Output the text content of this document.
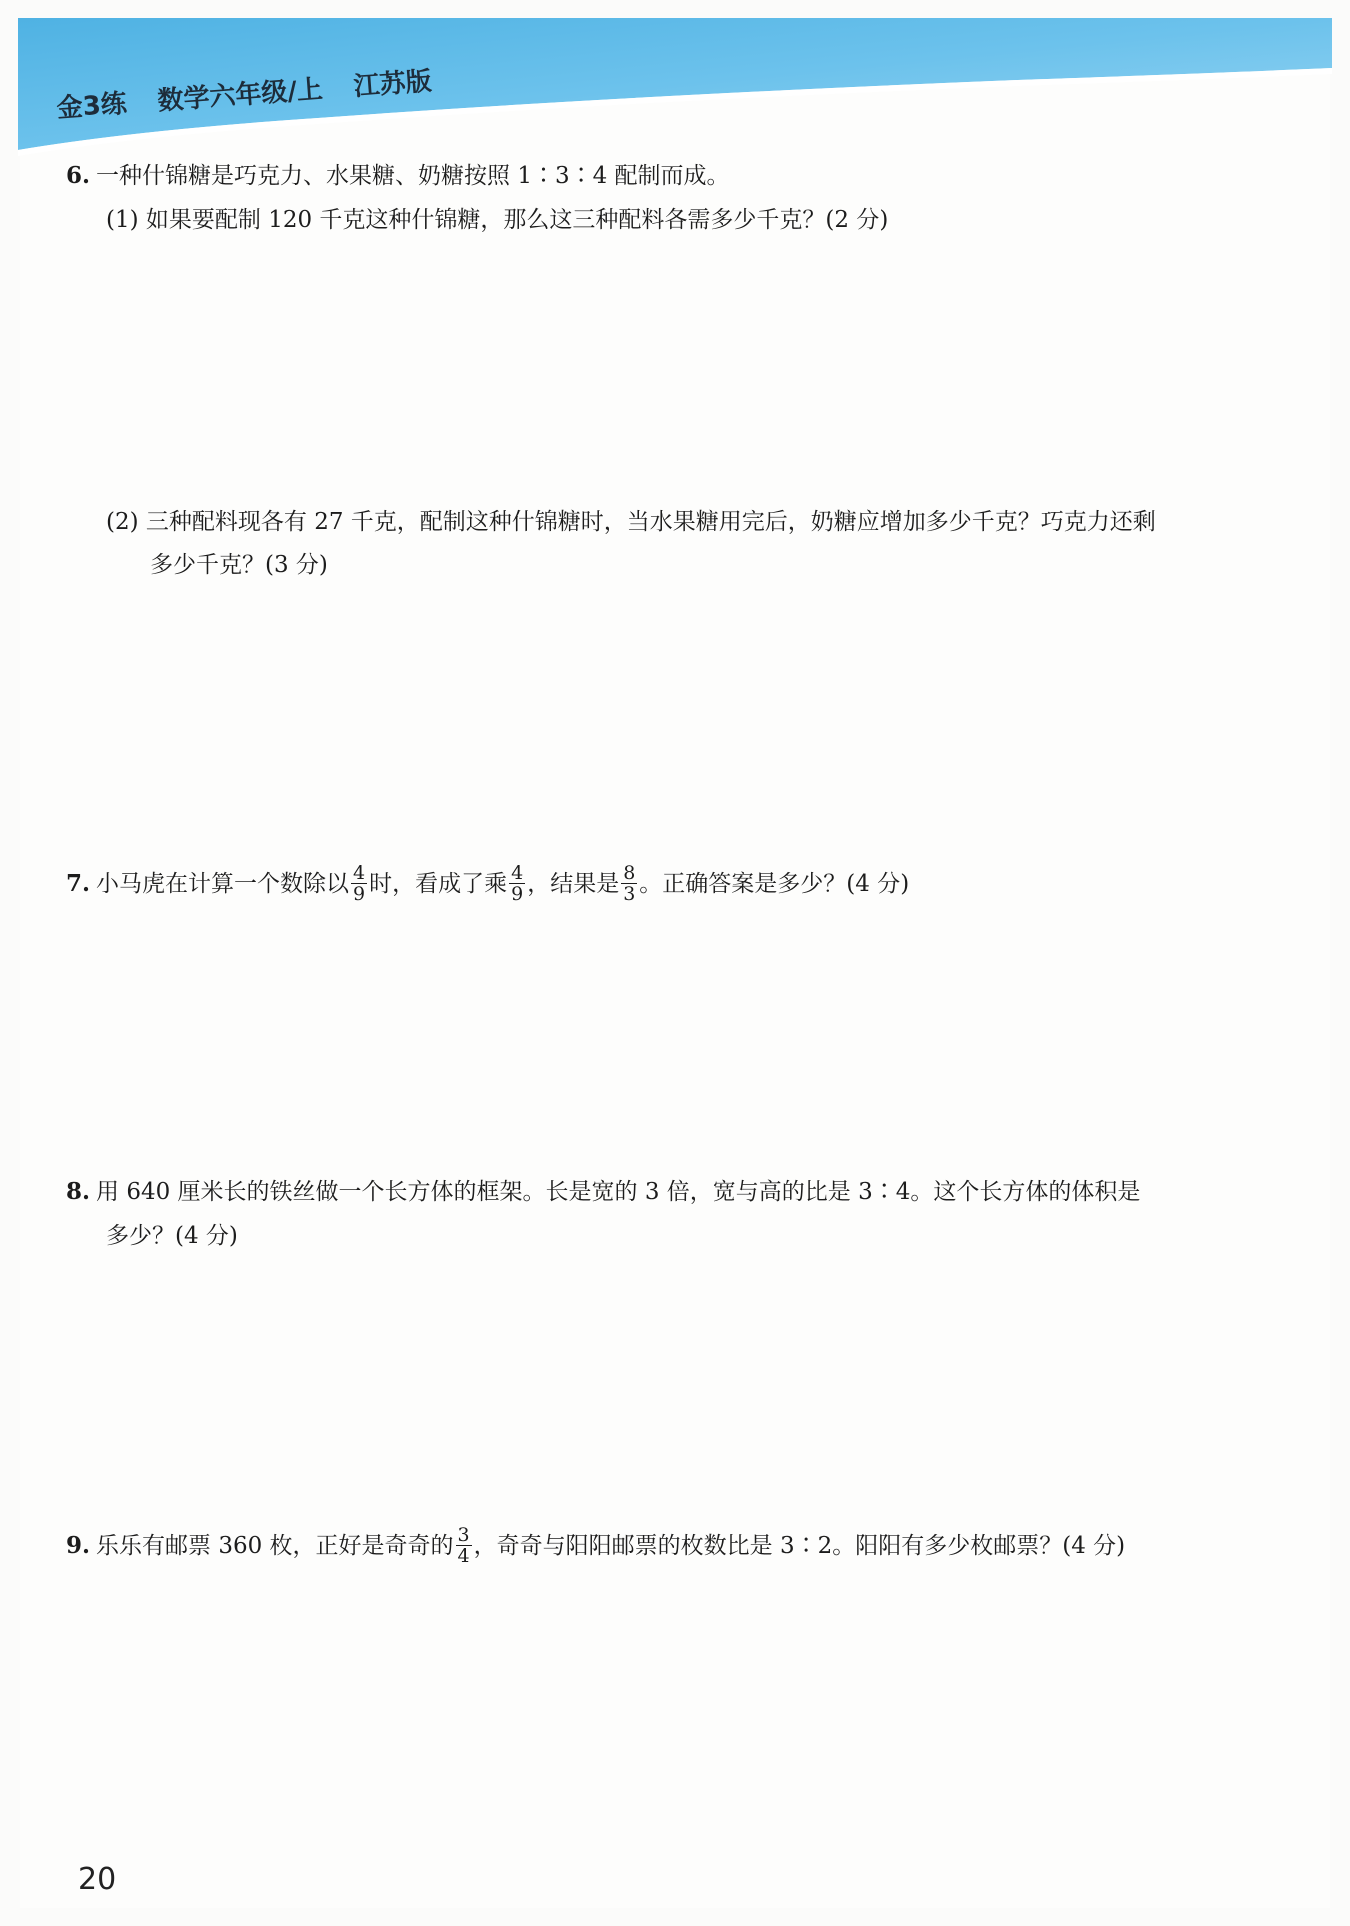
金3练 数学六年级/上 江苏版
6. 一种什锦糖是巧克力、水果糖、奶糖按照 1∶3∶4 配制而成。
(1) 如果要配制 120 千克这种什锦糖，那么这三种配料各需多少千克？(2 分)
(2) 三种配料现各有 27 千克，配制这种什锦糖时，当水果糖用完后，奶糖应增加多少千克？巧克力还剩
多少千克？(3 分)
7. 小马虎在计算一个数除以 $\frac{4}{9}$ 时，看成了乘 $\frac{4}{9}$ ，结果是 $\frac{8}{3}$ 。正确答案是多少？(4 分)
8. 用 640 厘米长的铁丝做一个长方体的框架。长是宽的 3 倍，宽与高的比是 3∶4。这个长方体的体积是
多少？(4 分)
9. 乐乐有邮票 360 枚，正好是奇奇的 $\frac{3}{4}$ ，奇奇与阳阳邮票的枚数比是 3∶2。阳阳有多少枚邮票？(4 分)
20
